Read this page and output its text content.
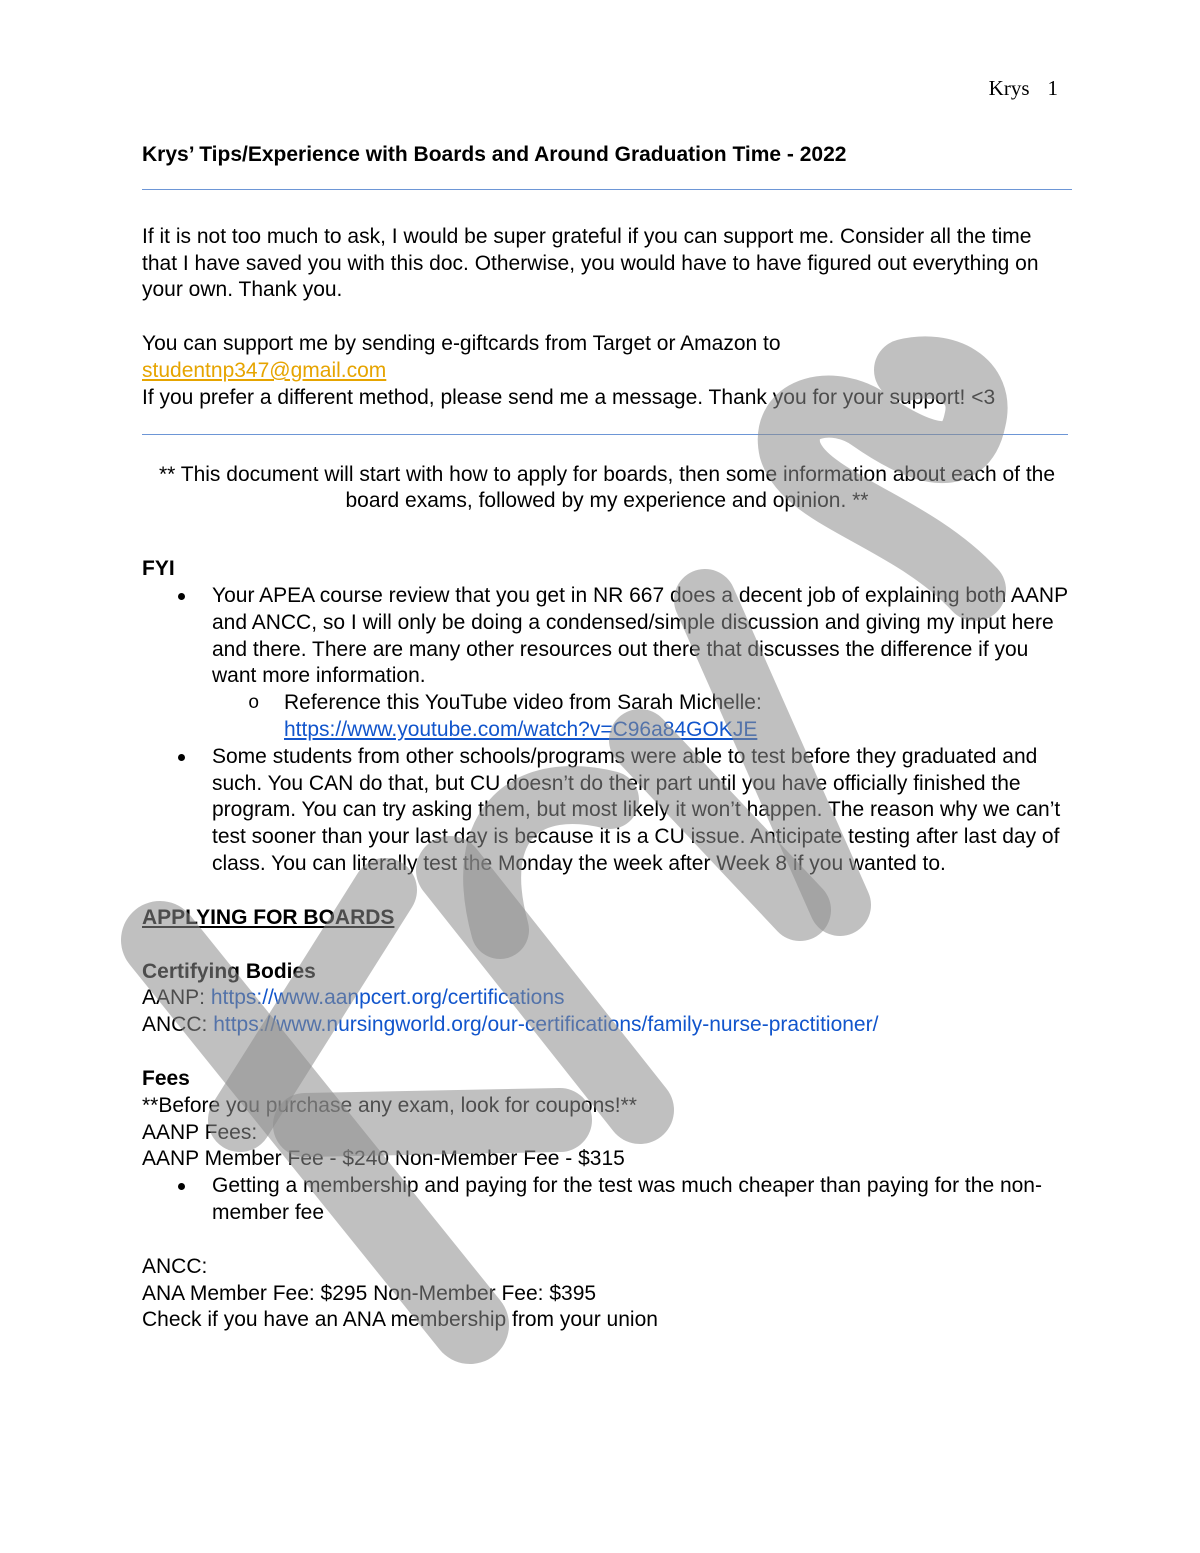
Krys 1
Krys’ Tips/Experience with Boards and Around Graduation Time - 2022

If it is not too much to ask, I would be super grateful if you can support me. Consider all the time that I have saved you with this doc. Otherwise, you would have to have figured out everything on your own. Thank you.

You can support me by sending e-giftcards from Target or Amazon to

studentnp347@gmail.com

If you prefer a different method, please send me a message. Thank you for your support! <3

** This document will start with how to apply for boards, then some information about each of the board exams, followed by my experience and opinion. **

FYI

Your APEA course review that you get in NR 667 does a decent job of explaining both AANP and ANCC, so I will only be doing a condensed/simple discussion and giving my input here and there. There are many other resources out there that discusses the difference if you want more information.
o Reference this YouTube video from Sarah Michelle:
https://www.youtube.com/watch?v=C96a84GOKJE
Some students from other schools/programs were able to test before they graduated and such. You CAN do that, but CU doesn’t do their part until you have officially finished the program. You can try asking them, but most likely it won’t happen. The reason why we can’t test sooner than your last day is because it is a CU issue. Anticipate testing after last day of class. You can literally test the Monday the week after Week 8 if you wanted to.

APPLYING FOR BOARDS

Certifying Bodies

AANP: https://www.aanpcert.org/certifications

ANCC: https://www.nursingworld.org/our-certifications/family-nurse-practitioner/

Fees

**Before you purchase any exam, look for coupons!**

AANP Fees:

AANP Member Fee - $240 Non-Member Fee - $315

Getting a membership and paying for the test was much cheaper than paying for the non-member fee

ANCC:

ANA Member Fee: $295 Non-Member Fee: $395

Check if you have an ANA membership from your union
